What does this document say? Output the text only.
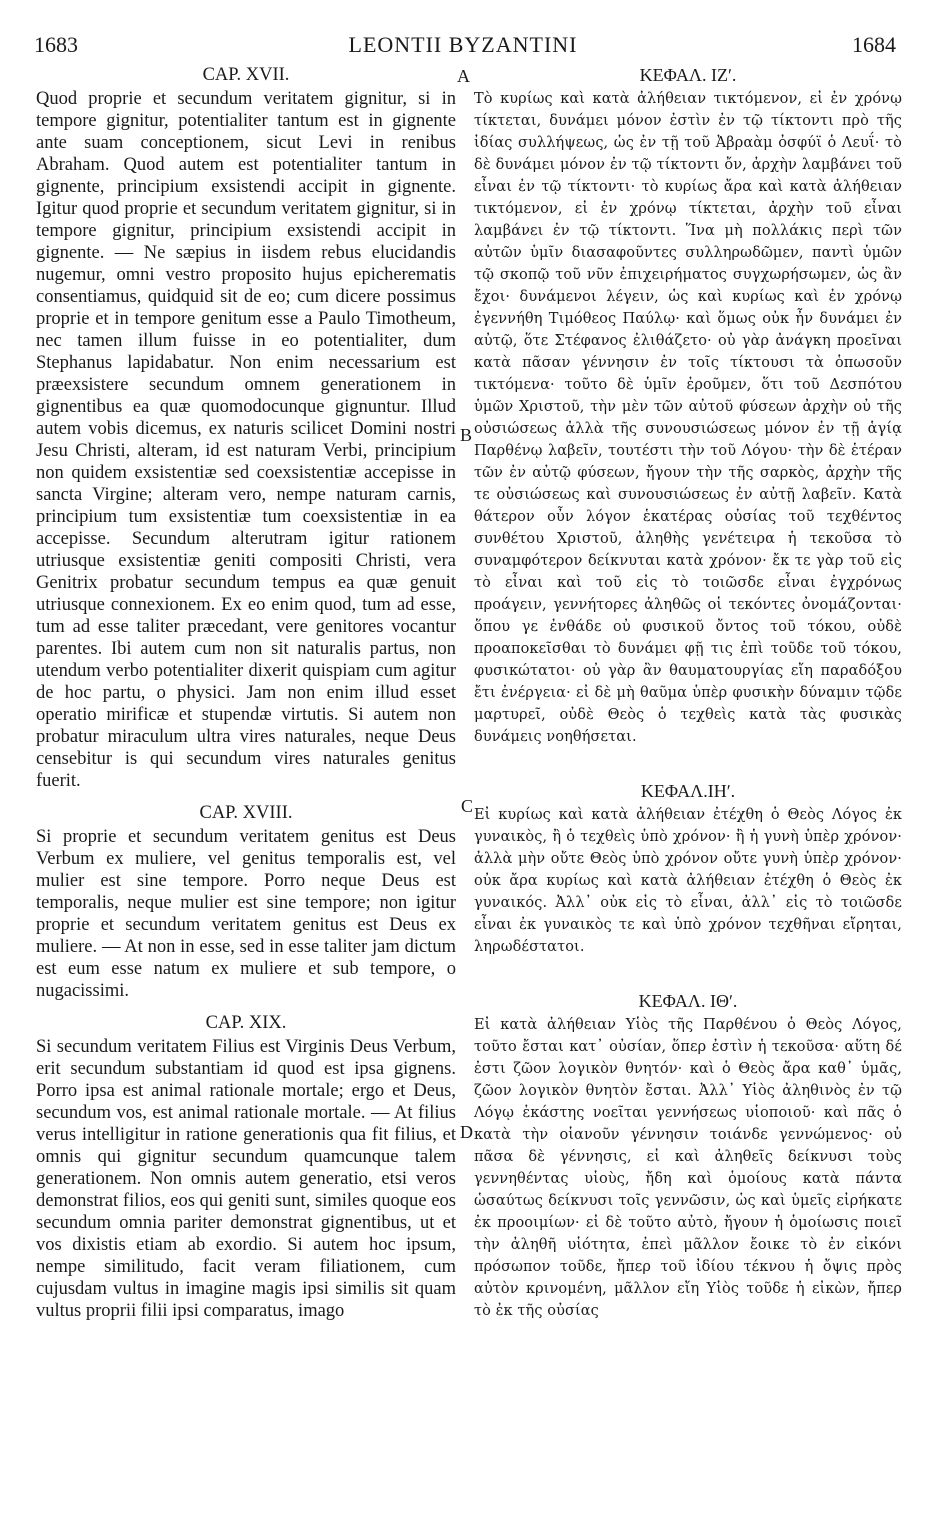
1683	LEONTII BYZANTINI	1684
A
B
C
D
CAP. XVII.

Quod proprie et secundum veritatem gignitur, si in tempore gignitur, potentialiter tantum est in gignente ante suam conceptionem, sicut Levi in renibus Abraham. Quod autem est potentialiter tantum in gignente, principium exsistendi accipit in gignente. Igitur quod proprie et secundum veritatem gignitur, si in tempore gignitur, principium exsistendi accipit in gignente. — Ne sæpius in iisdem rebus elucidandis nugemur, omni vestro proposito hujus epicherematis consentiamus, quidquid sit de eo; cum dicere possimus proprie et in tempore genitum esse a Paulo Timotheum, nec tamen illum fuisse in eo potentialiter, dum Stephanus lapidabatur. Non enim necessarium est præexsistere secundum omnem generationem in gignentibus ea quæ quomodocunque gignuntur. Illud autem vobis dicemus, ex naturis scilicet Domini nostri Jesu Christi, alteram, id est naturam Verbi, principium non quidem exsistentiæ sed coexsistentiæ accepisse in sancta Virgine; alteram vero, nempe naturam carnis, principium tum exsistentiæ tum coexsistentiæ in ea accepisse. Secundum alterutram igitur rationem utriusque exsistentiæ geniti compositi Christi, vera Genitrix probatur secundum tempus ea quæ genuit utriusque connexionem. Ex eo enim quod, tum ad esse, tum ad esse taliter præcedant, vere genitores vocantur parentes. Ibi autem cum non sit naturalis partus, non utendum verbo potentialiter dixerit quispiam cum agitur de hoc partu, o physici. Jam non enim illud esset operatio mirificæ et stupendæ virtutis. Si autem non probatur miraculum ultra vires naturales, neque Deus censebitur is qui secundum vires naturales genitus fuerit.

CAP. XVIII.

Si proprie et secundum veritatem genitus est Deus Verbum ex muliere, vel genitus temporalis est, vel mulier est sine tempore. Porro neque Deus est temporalis, neque mulier est sine tempore; non igitur proprie et secundum veritatem genitus est Deus ex muliere. — At non in esse, sed in esse taliter jam dictum est eum esse natum ex muliere et sub tempore, o nugacissimi.

CAP. XIX.

Si secundum veritatem Filius est Virginis Deus Verbum, erit secundum substantiam id quod est ipsa gignens. Porro ipsa est animal rationale mortale; ergo et Deus, secundum vos, est animal rationale mortale. — At filius verus intelligitur in ratione generationis qua fit filius, et omnis qui gignitur secundum quamcunque talem generationem. Non omnis autem generatio, etsi veros demonstrat filios, eos qui geniti sunt, similes quoque eos secundum omnia pariter demonstrat gignentibus, ut et vos dixistis etiam ab exordio. Si autem hoc ipsum, nempe similitudo, facit veram filiationem, cum cujusdam vultus in imagine magis ipsi similis sit quam vultus proprii filii ipsi comparatus, imago

ΚΕΦΑΛ. ΙΖʹ.

Τὸ κυρίως καὶ κατὰ ἀλήθειαν τικτόμενον, εἰ ἐν χρόνῳ τίκτεται, δυνάμει μόνον ἐστὶν ἐν τῷ τίκτοντι πρὸ τῆς ἰδίας συλλήψεως, ὡς ἐν τῇ τοῦ Ἀβραὰμ ὀσφύϊ ὁ Λευΐ· τὸ δὲ δυνάμει μόνον ἐν τῷ τίκτοντι ὄν, ἀρχὴν λαμβάνει τοῦ εἶναι ἐν τῷ τίκτοντι· τὸ κυρίως ἄρα καὶ κατὰ ἀλήθειαν τικτόμενον, εἰ ἐν χρόνῳ τίκτεται, ἀρχὴν τοῦ εἶναι λαμβάνει ἐν τῷ τίκτοντι. Ἵνα μὴ πολλάκις περὶ τῶν αὐτῶν ὑμῖν διασαφοῦντες συλληρωδῶμεν, παντὶ ὑμῶν τῷ σκοπῷ τοῦ νῦν ἐπιχειρήματος συγχωρήσωμεν, ὡς ἂν ἔχοι· δυνάμενοι λέγειν, ὡς καὶ κυρίως καὶ ἐν χρόνῳ ἐγεννήθη Τιμόθεος Παύλῳ· καὶ ὅμως οὐκ ἦν δυνάμει ἐν αὐτῷ, ὅτε Στέφανος ἐλιθάζετο· οὐ γὰρ ἀνάγκη προεῖναι κατὰ πᾶσαν γέννησιν ἐν τοῖς τίκτουσι τὰ ὁπωσοῦν τικτόμενα· τοῦτο δὲ ὑμῖν ἐροῦμεν, ὅτι τοῦ Δεσπότου ὑμῶν Χριστοῦ, τὴν μὲν τῶν αὐτοῦ φύσεων ἀρχὴν οὐ τῆς οὐσιώσεως ἀλλὰ τῆς συνουσιώσεως μόνον ἐν τῇ ἁγίᾳ Παρθένῳ λαβεῖν, τουτέστι τὴν τοῦ Λόγου· τὴν δὲ ἑτέραν τῶν ἐν αὐτῷ φύσεων, ἤγουν τὴν τῆς σαρκὸς, ἀρχὴν τῆς τε οὐσιώσεως καὶ συνουσιώσεως ἐν αὐτῇ λαβεῖν. Κατὰ θάτερον οὖν λόγον ἑκατέρας οὐσίας τοῦ τεχθέντος συνθέτου Χριστοῦ, ἀληθὴς γενέτειρα ἡ τεκοῦσα τὸ συναμφότερον δείκνυται κατὰ χρόνον· ἔκ τε γὰρ τοῦ εἰς τὸ εἶναι καὶ τοῦ εἰς τὸ τοιῶσδε εἶναι ἐγχρόνως προάγειν, γεννήτορες ἀληθῶς οἱ τεκόντες ὀνομάζονται· ὅπου γε ἐνθάδε οὐ φυσικοῦ ὄντος τοῦ τόκου, οὐδὲ προαποκεῖσθαι τὸ δυνάμει φῇ τις ἐπὶ τοῦδε τοῦ τόκου, φυσικώτατοι· οὐ γὰρ ἂν θαυματουργίας εἴη παραδόξου ἔτι ἐνέργεια· εἰ δὲ μὴ θαῦμα ὑπὲρ φυσικὴν δύναμιν τῷδε μαρτυρεῖ, οὐδὲ Θεὸς ὁ τεχθεὶς κατὰ τὰς φυσικὰς δυνάμεις νοηθήσεται.

ΚΕΦΑΛ.ΙΗʹ.

Εἰ κυρίως καὶ κατὰ ἀλήθειαν ἐτέχθη ὁ Θεὸς Λόγος ἐκ γυναικὸς, ἢ ὁ τεχθεὶς ὑπὸ χρόνον· ἢ ἡ γυνὴ ὑπὲρ χρόνον· ἀλλὰ μὴν οὔτε Θεὸς ὑπὸ χρόνον οὔτε γυνὴ ὑπὲρ χρόνον· οὐκ ἄρα κυρίως καὶ κατὰ ἀλήθειαν ἐτέχθη ὁ Θεὸς ἐκ γυναικός. Ἀλλ᾽ οὐκ εἰς τὸ εἶναι, ἀλλ᾽ εἰς τὸ τοιῶσδε εἶναι ἐκ γυναικὸς τε καὶ ὑπὸ χρόνον τεχθῆναι εἴρηται, ληρωδέστατοι.

ΚΕΦΑΛ. ΙΘʹ.

Εἰ κατὰ ἀλήθειαν Υἱὸς τῆς Παρθένου ὁ Θεὸς Λόγος, τοῦτο ἔσται κατ᾽ οὐσίαν, ὅπερ ἐστὶν ἡ τεκοῦσα· αὕτη δέ ἐστι ζῶον λογικὸν θνητόν· καὶ ὁ Θεὸς ἄρα καθ᾽ ὑμᾶς, ζῶον λογικὸν θνητὸν ἔσται. Ἀλλ᾽ Υἱὸς ἀληθινὸς ἐν τῷ Λόγῳ ἑκάστης νοεῖται γεννήσεως υἱοποιοῦ· καὶ πᾶς ὁ κατὰ τὴν οἱανοῦν γέννησιν τοιάνδε γεννώμενος· οὐ πᾶσα δὲ γέννησις, εἰ καὶ ἀληθεῖς δείκνυσι τοὺς γεννηθέντας υἱοὺς, ἤδη καὶ ὁμοίους κατὰ πάντα ὡσαύτως δείκνυσι τοῖς γεννῶσιν, ὡς καὶ ὑμεῖς εἰρήκατε ἐκ προοιμίων· εἰ δὲ τοῦτο αὐτὸ, ἤγουν ἡ ὁμοίωσις ποιεῖ τὴν ἀληθῆ υἱότητα, ἐπεὶ μᾶλλον ἔοικε τὸ ἐν εἰκόνι πρόσωπον τοῦδε, ἤπερ τοῦ ἰδίου τέκνου ἡ ὄψις πρὸς αὐτὸν κρινομένη, μᾶλλον εἴη Υἱὸς τοῦδε ἡ εἰκὼν, ἤπερ τὸ ἐκ τῆς οὐσίας
